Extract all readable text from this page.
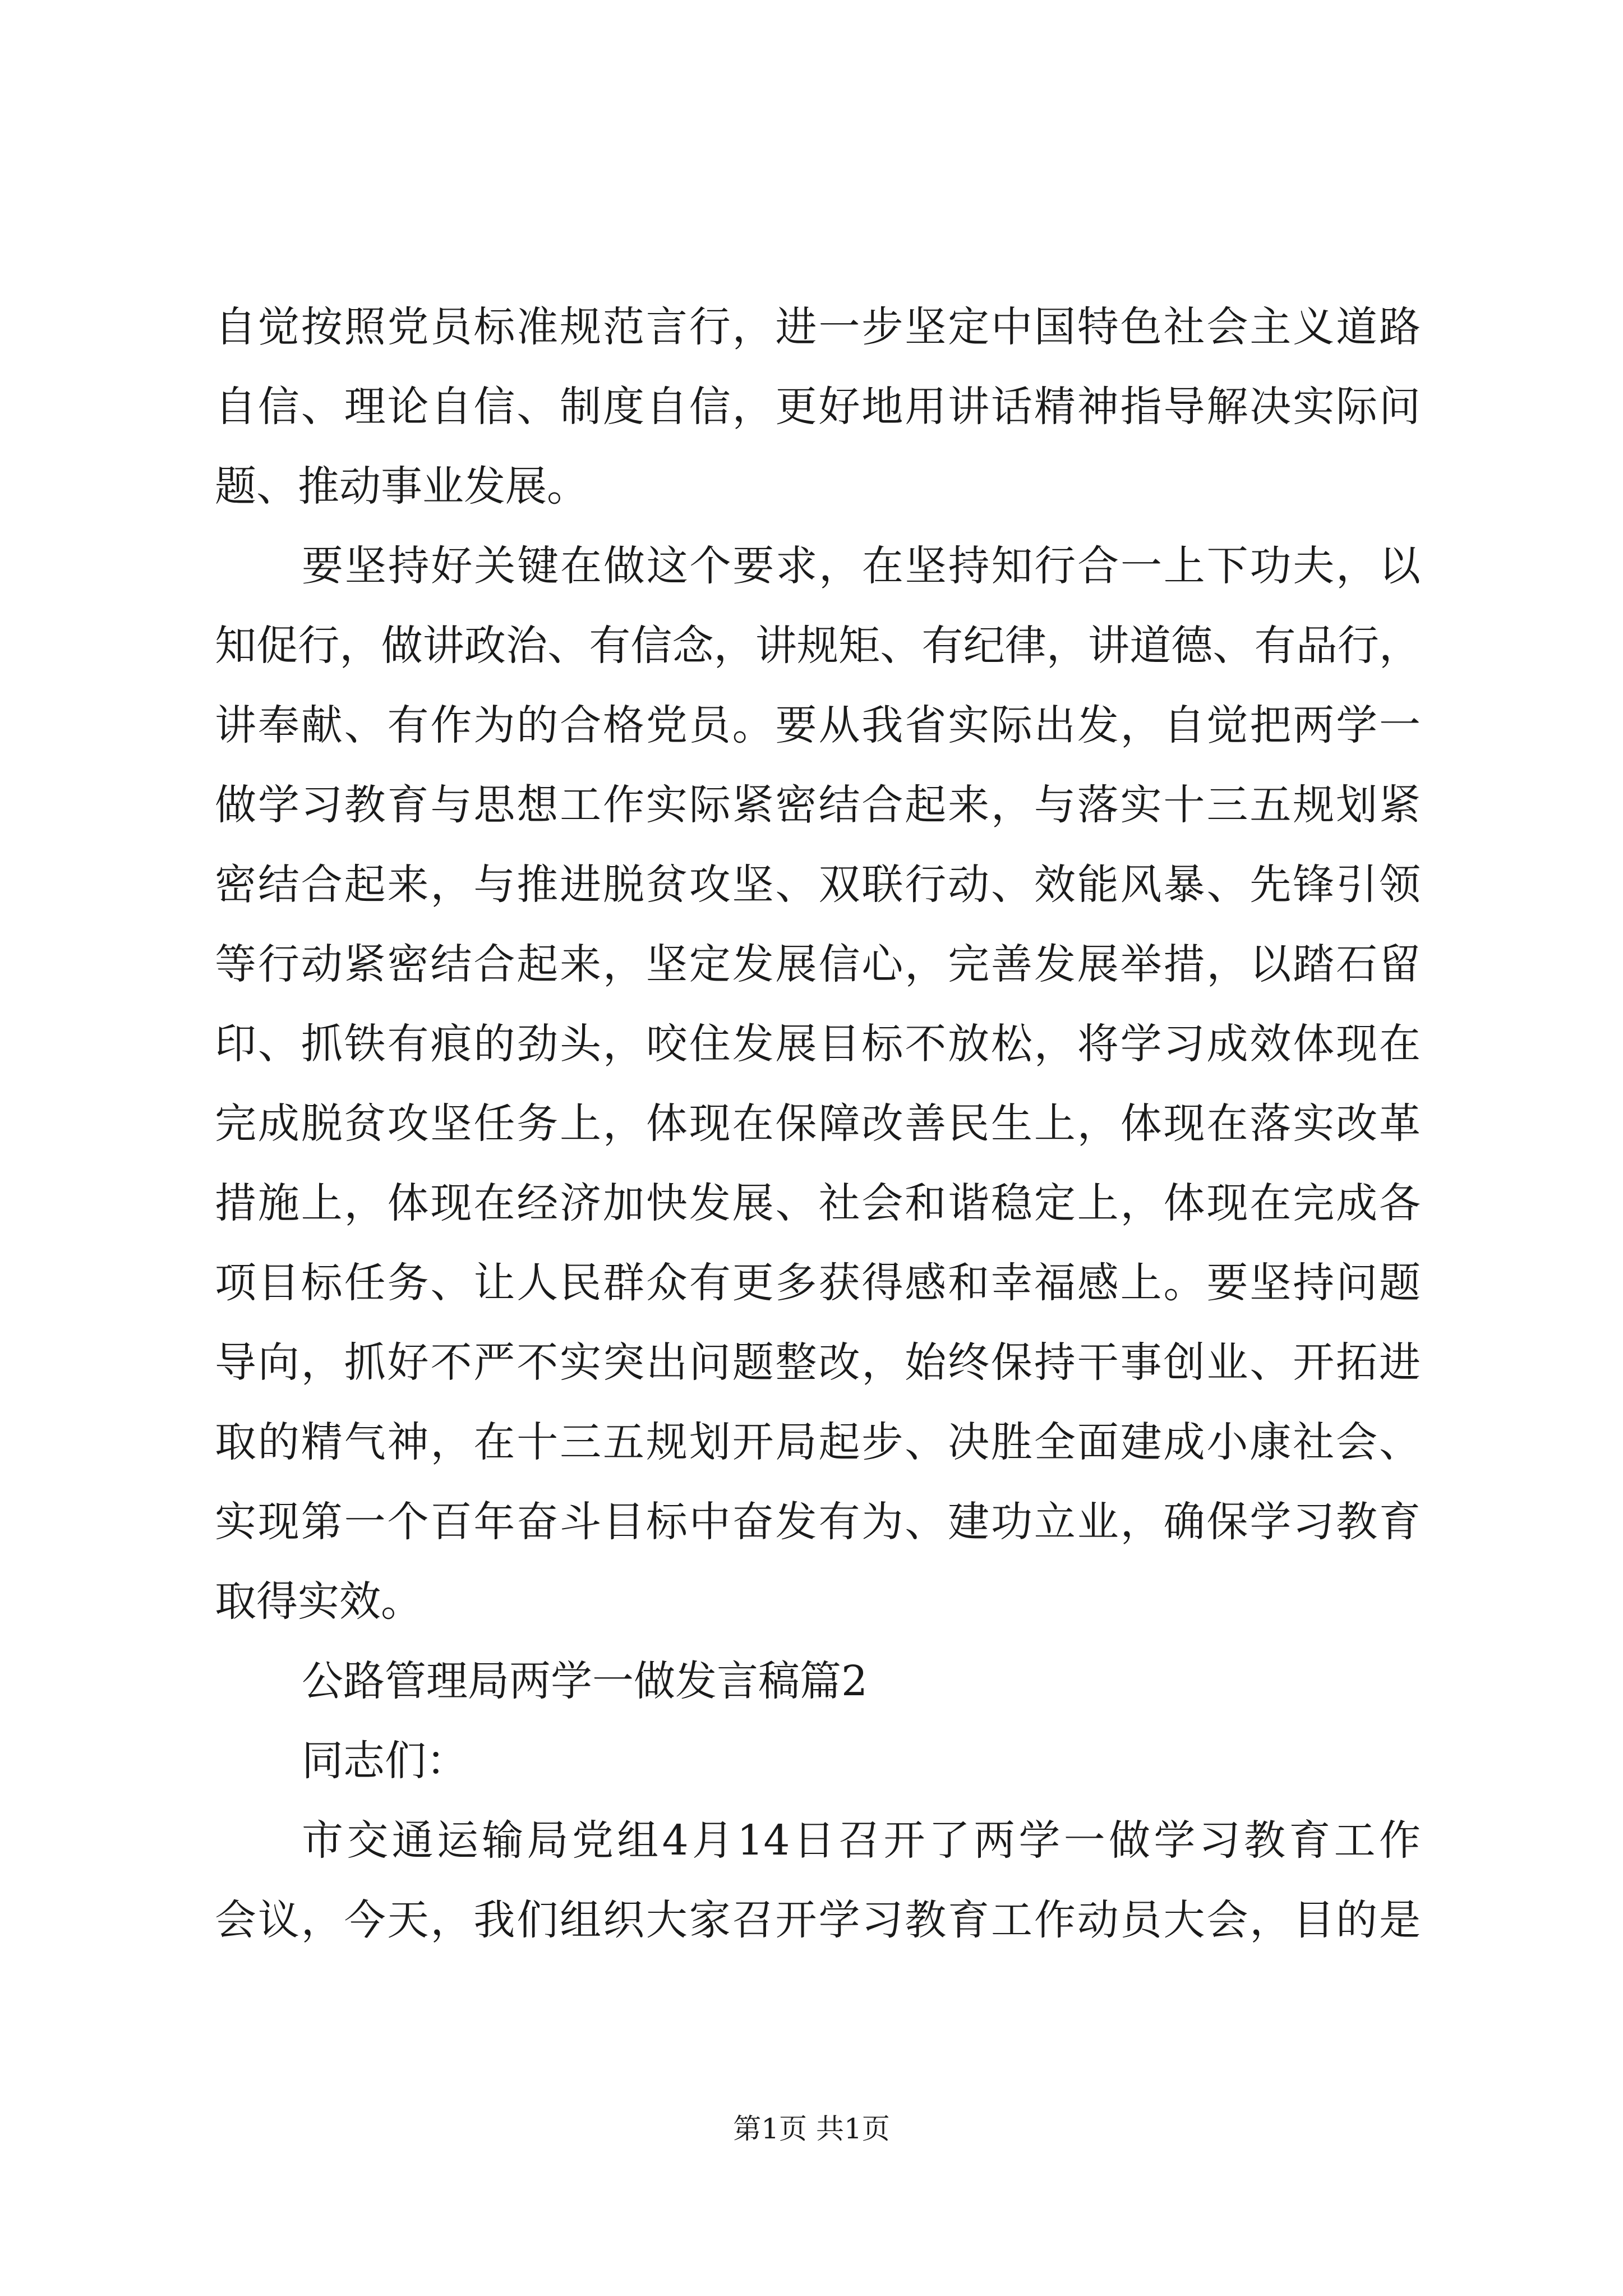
自觉按照党员标准规范言行，进一步坚定中国特色社会主义道路
自信、理论自信、制度自信，更好地用讲话精神指导解决实际问
题、推动事业发展。
要坚持好关键在做这个要求，在坚持知行合一上下功夫，以
知促行，做讲政治、有信念，讲规矩、有纪律，讲道德、有品行，
讲奉献、有作为的合格党员。要从我省实际出发，自觉把两学一
做学习教育与思想工作实际紧密结合起来，与落实十三五规划紧
密结合起来，与推进脱贫攻坚、双联行动、效能风暴、先锋引领
等行动紧密结合起来，坚定发展信心，完善发展举措，以踏石留
印、抓铁有痕的劲头，咬住发展目标不放松，将学习成效体现在
完成脱贫攻坚任务上，体现在保障改善民生上，体现在落实改革
措施上，体现在经济加快发展、社会和谐稳定上，体现在完成各
项目标任务、让人民群众有更多获得感和幸福感上。要坚持问题
导向，抓好不严不实突出问题整改，始终保持干事创业、开拓进
取的精气神，在十三五规划开局起步、决胜全面建成小康社会、
实现第一个百年奋斗目标中奋发有为、建功立业，确保学习教育
取得实效。
公路管理局两学一做发言稿篇2
同志们：
市交通运输局党组4月14日召开了两学一做学习教育工作
会议，今天，我们组织大家召开学习教育工作动员大会，目的是
第1页 共1页
